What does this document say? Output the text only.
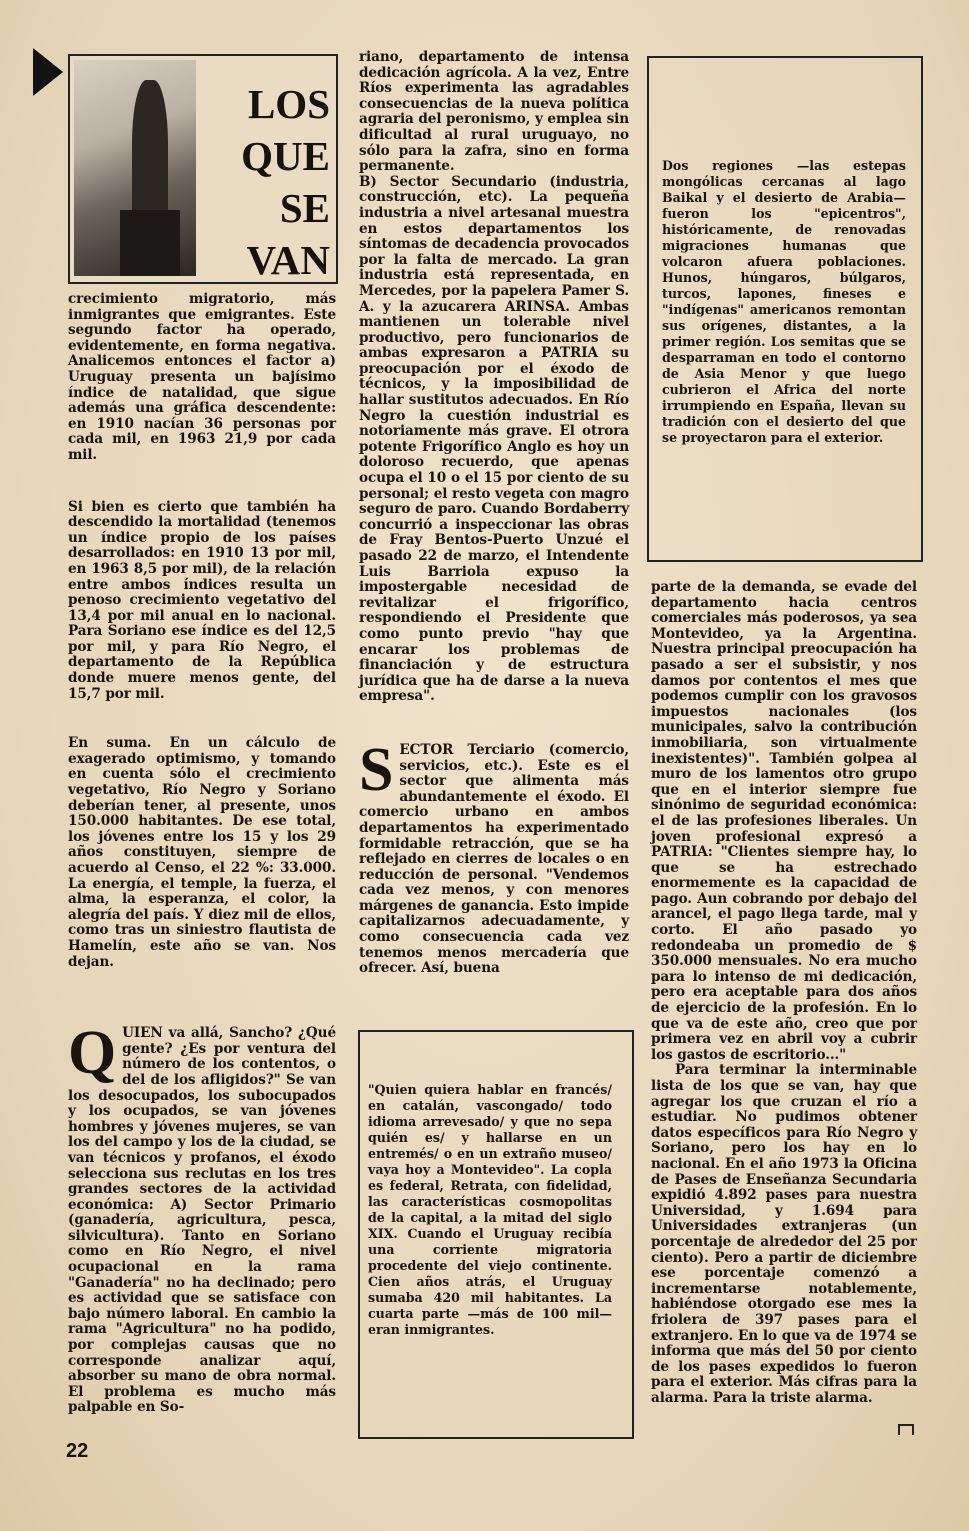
LOS
QUE
SE
VAN

crecimiento migratorio, más inmigrantes que emigrantes. Este segundo factor ha operado, evidentemente, en forma negativa. Analicemos entonces el factor a) Uruguay presenta un bajísimo índice de natalidad, que sigue además una gráfica descendente: en 1910 nacían 36 personas por cada mil, en 1963 21,9 por cada mil.

Si bien es cierto que también ha descendido la mortalidad (tenemos un índice propio de los países desarrollados: en 1910 13 por mil, en 1963 8,5 por mil), de la relación entre ambos índices resulta un penoso crecimiento vegetativo del 13,4 por mil anual en lo nacional. Para Soriano ese índice es del 12,5 por mil, y para Río Negro, el departamento de la República donde muere menos gente, del 15,7 por mil.

En suma. En un cálculo de exagerado optimismo, y tomando en cuenta sólo el crecimiento vegetativo, Río Negro y Soriano deberían tener, al presente, unos 150.000 habitantes. De ese total, los jóvenes entre los 15 y los 29 años constituyen, siempre de acuerdo al Censo, el 22 %: 33.000. La energía, el temple, la fuerza, el alma, la esperanza, el color, la alegría del país. Y diez mil de ellos, como tras un siniestro flautista de Hamelín, este año se van. Nos dejan.

Q UIEN va allá, Sancho? ¿Qué gente? ¿Es por ventura del número de los contentos, o del de los afligidos?" Se van los desocupados, los subocupados y los ocupados, se van jóvenes hombres y jóvenes mujeres, se van los del campo y los de la ciudad, se van técnicos y profanos, el éxodo selecciona sus reclutas en los tres grandes sectores de la actividad económica: A) Sector Primario (ganadería, agricultura, pesca, silvicultura). Tanto en Soriano como en Río Negro, el nivel ocupacional en la rama "Ganadería" no ha declinado; pero es actividad que se satisface con bajo número laboral. En cambio la rama "Agricultura" no ha podido, por complejas causas que no corresponde analizar aquí, absorber su mano de obra normal. El problema es mucho más palpable en So-

riano, departamento de intensa dedicación agrícola. A la vez, Entre Ríos experimenta las agradables consecuencias de la nueva política agraria del peronismo, y emplea sin dificultad al rural uruguayo, no sólo para la zafra, sino en forma permanente.

B) Sector Secundario (industria, construcción, etc). La pequeña industria a nivel artesanal muestra en estos departamentos los síntomas de decadencia provocados por la falta de mercado. La gran industria está representada, en Mercedes, por la papelera Pamer S. A. y la azucarera ARINSA. Ambas mantienen un tolerable nivel productivo, pero funcionarios de ambas expresaron a PATRIA su preocupación por el éxodo de técnicos, y la imposibilidad de hallar sustitutos adecuados. En Río Negro la cuestión industrial es notoriamente más grave. El otrora potente Frigorífico Anglo es hoy un doloroso recuerdo, que apenas ocupa el 10 o el 15 por ciento de su personal; el resto vegeta con magro seguro de paro. Cuando Bordaberry concurrió a inspeccionar las obras de Fray Bentos-Puerto Unzué el pasado 22 de marzo, el Intendente Luis Barriola expuso la impostergable necesidad de revitalizar el frigorífico, respondiendo el Presidente que como punto previo "hay que encarar los problemas de financiación y de estructura jurídica que ha de darse a la nueva empresa".

S ECTOR Terciario (comercio, servicios, etc.). Este es el sector que alimenta más abundantemente el éxodo. El comercio urbano en ambos departamentos ha experimentado formidable retracción, que se ha reflejado en cierres de locales o en reducción de personal. "Vendemos cada vez menos, y con menores márgenes de ganancia. Esto impide capitalizarnos adecuadamente, y como consecuencia cada vez tenemos menos mercadería que ofrecer. Así, buena

Dos regiones —las estepas mongólicas cercanas al lago Baikal y el desierto de Arabia— fueron los "epicentros", históricamente, de renovadas migraciones humanas que volcaron afuera poblaciones. Hunos, húngaros, búlgaros, turcos, lapones, fineses e "indígenas" americanos remontan sus orígenes, distantes, a la primer región. Los semitas que se desparraman en todo el contorno de Asia Menor y que luego cubrieron el Africa del norte irrumpiendo en España, llevan su tradición con el desierto del que se proyectaron para el exterior.

parte de la demanda, se evade del departamento hacia centros comerciales más poderosos, ya sea Montevideo, ya la Argentina. Nuestra principal preocupación ha pasado a ser el subsistir, y nos damos por contentos el mes que podemos cumplir con los gravosos impuestos nacionales (los municipales, salvo la contribución inmobiliaria, son virtualmente inexistentes)". También golpea al muro de los lamentos otro grupo que en el interior siempre fue sinónimo de seguridad económica: el de las profesiones liberales. Un joven profesional expresó a PATRIA: "Clientes siempre hay, lo que se ha estrechado enormemente es la capacidad de pago. Aun cobrando por debajo del arancel, el pago llega tarde, mal y corto. El año pasado yo redondeaba un promedio de $ 350.000 mensuales. No era mucho para lo intenso de mi dedicación, pero era aceptable para dos años de ejercicio de la profesión. En lo que va de este año, creo que por primera vez en abril voy a cubrir los gastos de escritorio..."

Para terminar la interminable lista de los que se van, hay que agregar los que cruzan el río a estudiar. No pudimos obtener datos específicos para Río Negro y Soriano, pero los hay en lo nacional. En el año 1973 la Oficina de Pases de Enseñanza Secundaria expidió 4.892 pases para nuestra Universidad, y 1.694 para Universidades extranjeras (un porcentaje de alrededor del 25 por ciento). Pero a partir de diciembre ese porcentaje comenzó a incrementarse notablemente, habiéndose otorgado ese mes la friolera de 397 pases para el extranjero. En lo que va de 1974 se informa que más del 50 por ciento de los pases expedidos lo fueron para el exterior. Más cifras para la alarma. Para la triste alarma.

"Quien quiera hablar en francés/ en catalán, vascongado/ todo idioma arrevesado/ y que no sepa quién es/ y hallarse en un entremés/ o en un extraño museo/ vaya hoy a Montevideo". La copla es federal, Retrata, con fidelidad, las características cosmopolitas de la capital, a la mitad del siglo XIX. Cuando el Uruguay recibía una corriente migratoria procedente del viejo continente. Cien años atrás, el Uruguay sumaba 420 mil habitantes. La cuarta parte —más de 100 mil— eran inmigrantes.
22
